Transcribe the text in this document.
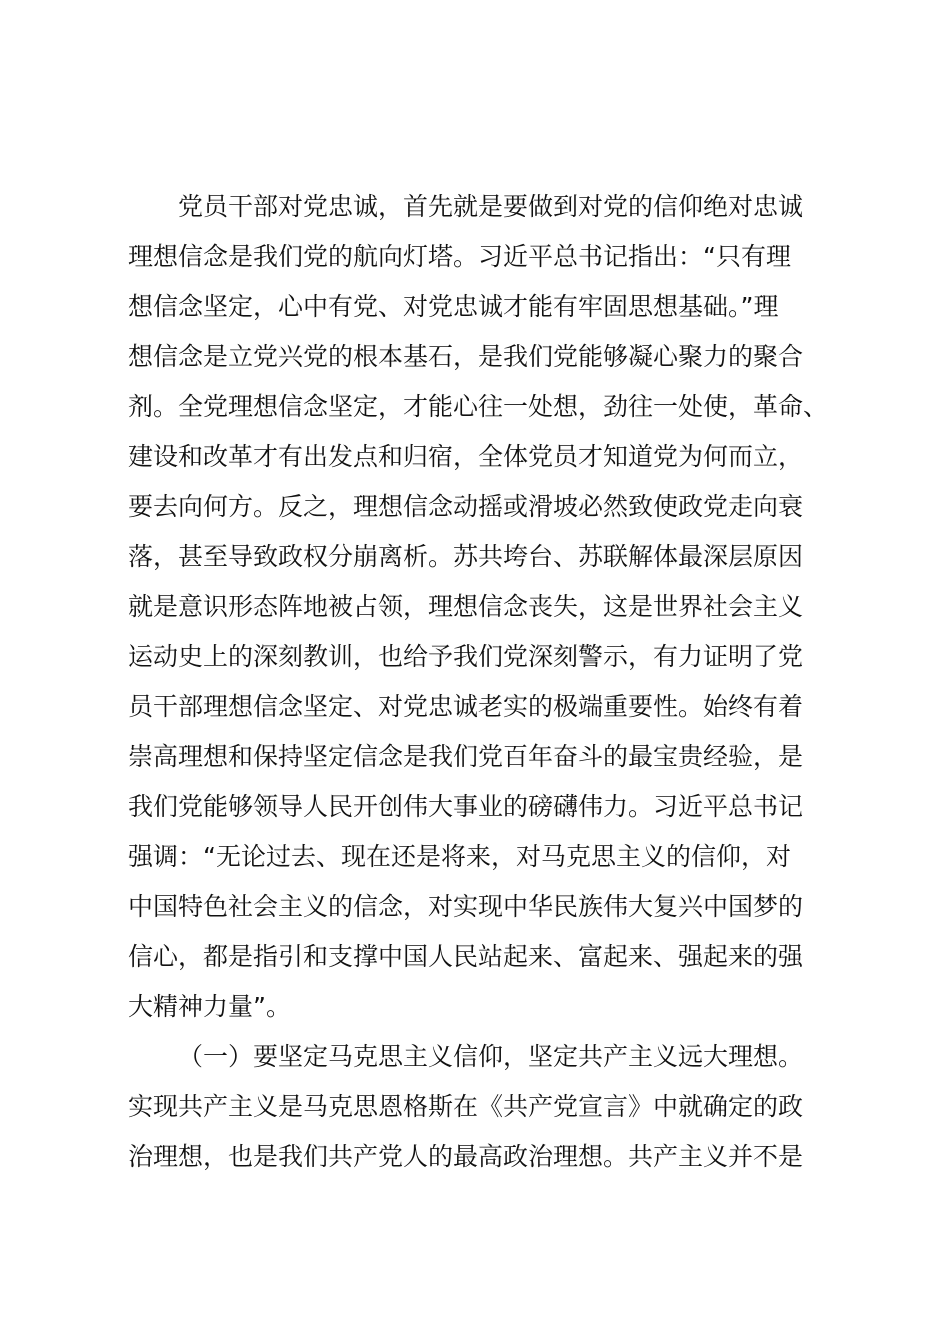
党员干部对党忠诚，首先就是要做到对党的信仰绝对忠诚
理想信念是我们党的航向灯塔。习近平总书记指出：“只有理
想信念坚定，心中有党、对党忠诚才能有牢固思想基础。”理
想信念是立党兴党的根本基石，是我们党能够凝心聚力的聚合
剂。全党理想信念坚定，才能心往一处想，劲往一处使，革命、
建设和改革才有出发点和归宿，全体党员才知道党为何而立，
要去向何方。反之，理想信念动摇或滑坡必然致使政党走向衰
落，甚至导致政权分崩离析。苏共垮台、苏联解体最深层原因
就是意识形态阵地被占领，理想信念丧失，这是世界社会主义
运动史上的深刻教训，也给予我们党深刻警示，有力证明了党
员干部理想信念坚定、对党忠诚老实的极端重要性。始终有着
崇高理想和保持坚定信念是我们党百年奋斗的最宝贵经验，是
我们党能够领导人民开创伟大事业的磅礴伟力。习近平总书记
强调：“无论过去、现在还是将来，对马克思主义的信仰，对
中国特色社会主义的信念，对实现中华民族伟大复兴中国梦的
信心，都是指引和支撑中国人民站起来、富起来、强起来的强
大精神力量”。
（一）要坚定马克思主义信仰，坚定共产主义远大理想。
实现共产主义是马克思恩格斯在《共产党宣言》中就确定的政
治理想，也是我们共产党人的最高政治理想。共产主义并不是
